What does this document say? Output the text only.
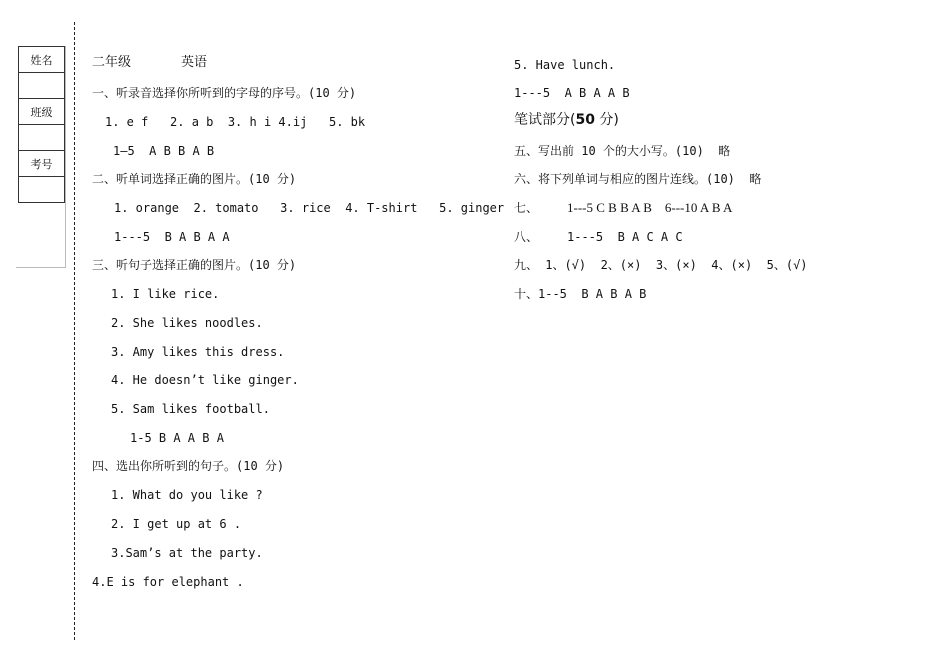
姓名

班级

考号

二年级	英语
一、听录音选择你所听到的字母的序号。(10 分)
1. e f   2. a b  3. h i 4.ij   5. bk
1—5  A B B A B
二、听单词选择正确的图片。(10 分)
1. orange  2. tomato   3. rice  4. T-shirt   5. ginger
1---5  B A B A A
三、听句子选择正确的图片。(10 分)
1. I like rice.
2. She likes noodles.
3. Amy likes this dress.
4. He doesn’t like ginger.
5. Sam likes football.
1-5 B A A B A
四、选出你所听到的句子。(10 分)
1. What do you like ?
2. I get up at 6 .
3.Sam’s at the party.
4.E is for elephant .
5. Have lunch.
1---5  A B A A B
笔试部分(50 分)
五、写出前 10 个的大小写。(10)  略
六、将下列单词与相应的图片连线。(10)  略
七、 1---5 C B B A B    6---10 A B A
八、 1---5  B A C A C
九、 1、(√)  2、(×)  3、(×)  4、(×)  5、(√)
十、1--5  B A B A B
